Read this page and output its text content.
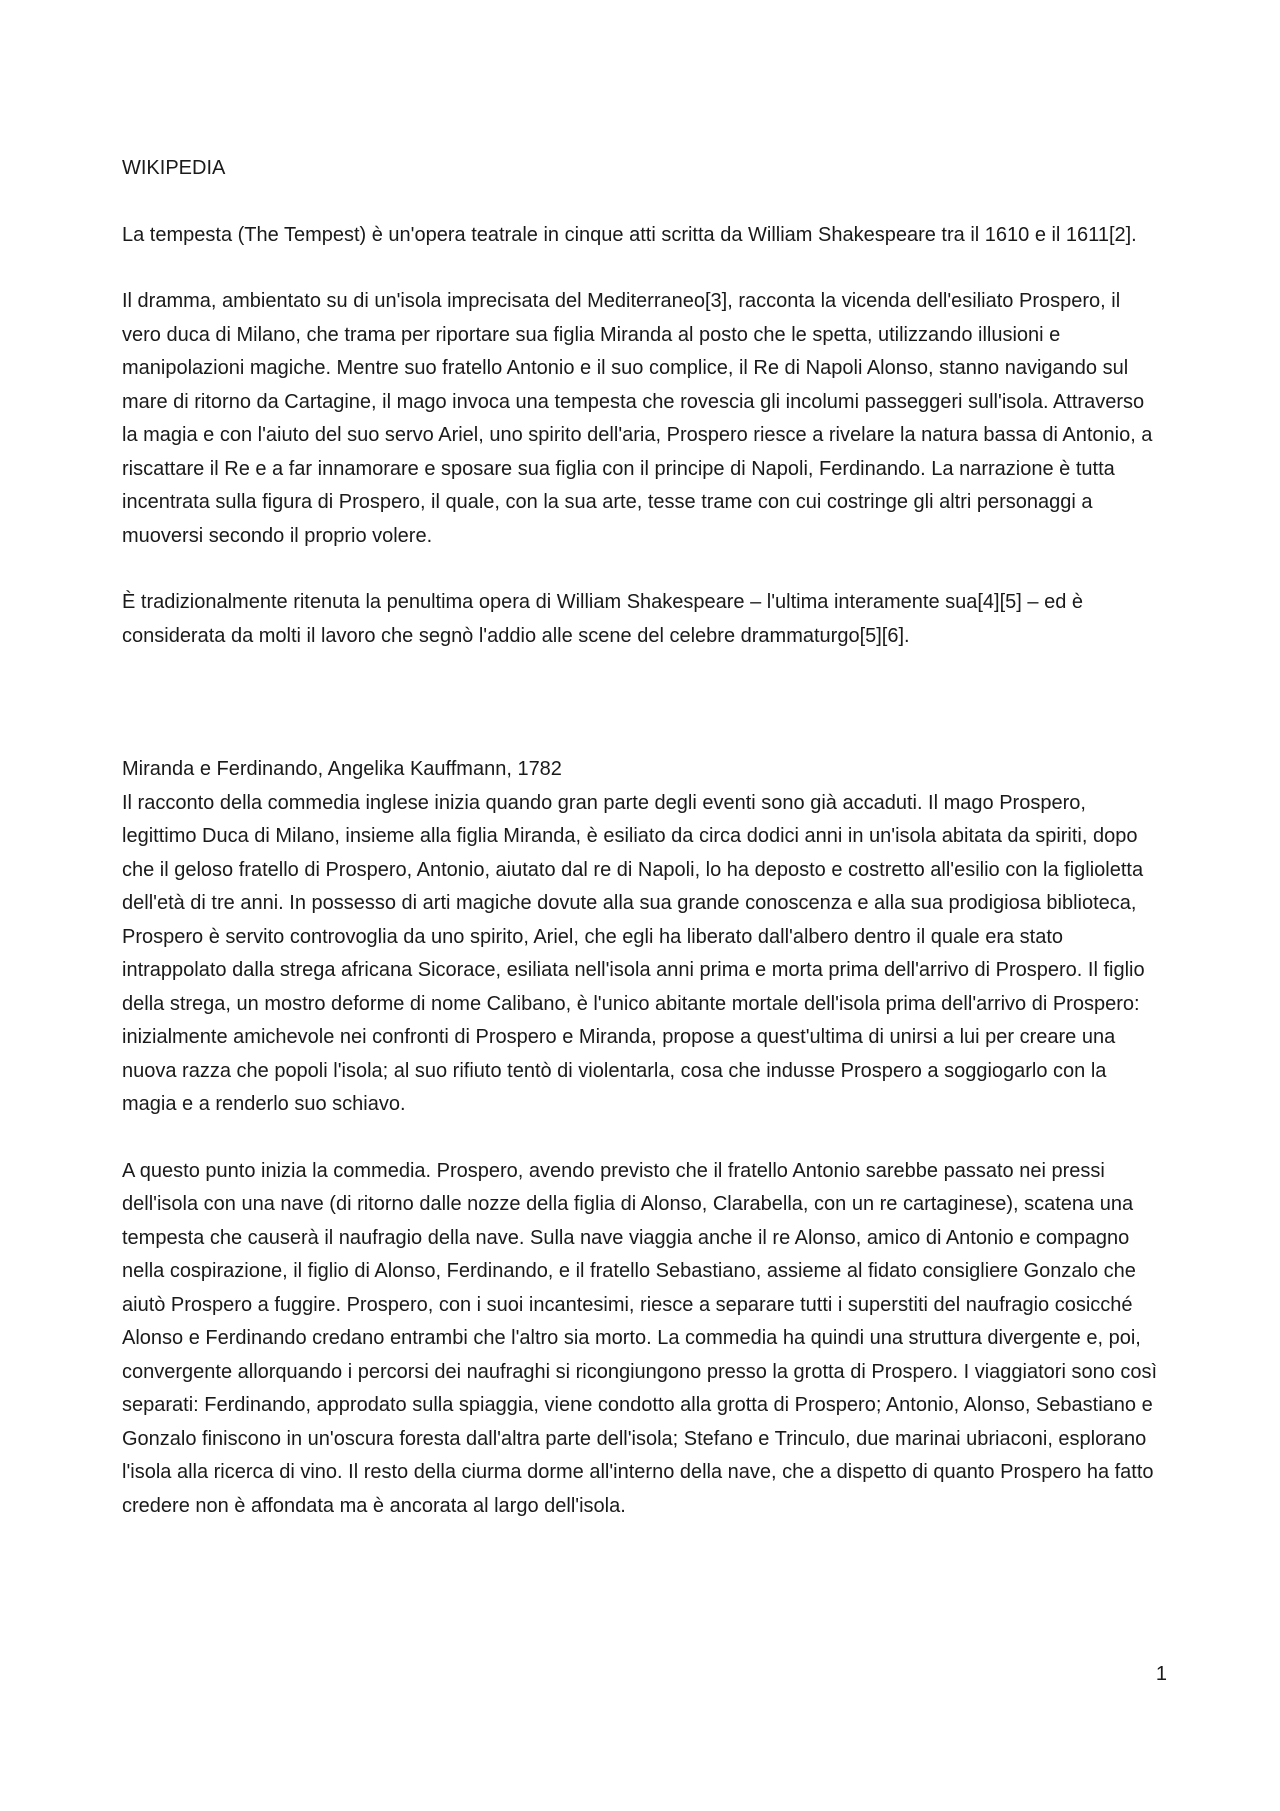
WIKIPEDIA

La tempesta (The Tempest) è un'opera teatrale in cinque atti scritta da William Shakespeare tra il 1610 e il 1611[2].

Il dramma, ambientato su di un'isola imprecisata del Mediterraneo[3], racconta la vicenda dell'esiliato Prospero, il vero duca di Milano, che trama per riportare sua figlia Miranda al posto che le spetta, utilizzando illusioni e manipolazioni magiche. Mentre suo fratello Antonio e il suo complice, il Re di Napoli Alonso, stanno navigando sul mare di ritorno da Cartagine, il mago invoca una tempesta che rovescia gli incolumi passeggeri sull'isola. Attraverso la magia e con l'aiuto del suo servo Ariel, uno spirito dell'aria, Prospero riesce a rivelare la natura bassa di Antonio, a riscattare il Re e a far innamorare e sposare sua figlia con il principe di Napoli, Ferdinando. La narrazione è tutta incentrata sulla figura di Prospero, il quale, con la sua arte, tesse trame con cui costringe gli altri personaggi a muoversi secondo il proprio volere.

È tradizionalmente ritenuta la penultima opera di William Shakespeare – l'ultima interamente sua[4][5] – ed è considerata da molti il lavoro che segnò l'addio alle scene del celebre drammaturgo[5][6].

Miranda e Ferdinando, Angelika Kauffmann, 1782

Il racconto della commedia inglese inizia quando gran parte degli eventi sono già accaduti. Il mago Prospero, legittimo Duca di Milano, insieme alla figlia Miranda, è esiliato da circa dodici anni in un'isola abitata da spiriti, dopo che il geloso fratello di Prospero, Antonio, aiutato dal re di Napoli, lo ha deposto e costretto all'esilio con la figlioletta dell'età di tre anni. In possesso di arti magiche dovute alla sua grande conoscenza e alla sua prodigiosa biblioteca, Prospero è servito controvoglia da uno spirito, Ariel, che egli ha liberato dall'albero dentro il quale era stato intrappolato dalla strega africana Sicorace, esiliata nell'isola anni prima e morta prima dell'arrivo di Prospero. Il figlio della strega, un mostro deforme di nome Calibano, è l'unico abitante mortale dell'isola prima dell'arrivo di Prospero: inizialmente amichevole nei confronti di Prospero e Miranda, propose a quest'ultima di unirsi a lui per creare una nuova razza che popoli l'isola; al suo rifiuto tentò di violentarla, cosa che indusse Prospero a soggiogarlo con la magia e a renderlo suo schiavo.

A questo punto inizia la commedia. Prospero, avendo previsto che il fratello Antonio sarebbe passato nei pressi dell'isola con una nave (di ritorno dalle nozze della figlia di Alonso, Clarabella, con un re cartaginese), scatena una tempesta che causerà il naufragio della nave. Sulla nave viaggia anche il re Alonso, amico di Antonio e compagno nella cospirazione, il figlio di Alonso, Ferdinando, e il fratello Sebastiano, assieme al fidato consigliere Gonzalo che aiutò Prospero a fuggire. Prospero, con i suoi incantesimi, riesce a separare tutti i superstiti del naufragio cosicché Alonso e Ferdinando credano entrambi che l'altro sia morto. La commedia ha quindi una struttura divergente e, poi, convergente allorquando i percorsi dei naufraghi si ricongiungono presso la grotta di Prospero. I viaggiatori sono così separati: Ferdinando, approdato sulla spiaggia, viene condotto alla grotta di Prospero; Antonio, Alonso, Sebastiano e Gonzalo finiscono in un'oscura foresta dall'altra parte dell'isola; Stefano e Trinculo, due marinai ubriaconi, esplorano l'isola alla ricerca di vino. Il resto della ciurma dorme all'interno della nave, che a dispetto di quanto Prospero ha fatto credere non è affondata ma è ancorata al largo dell'isola.

1
